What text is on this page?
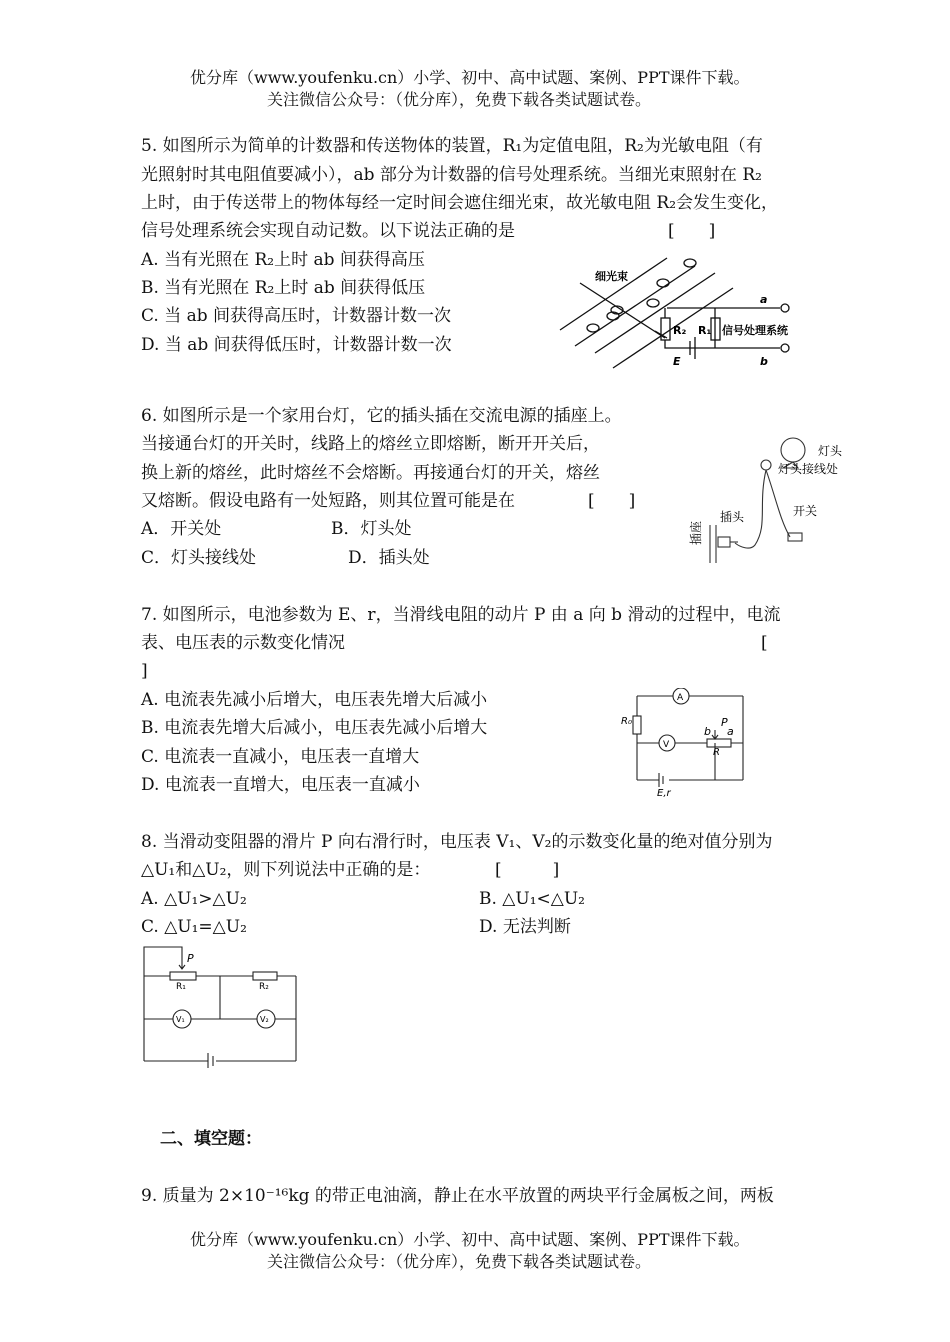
优分库（www.youfenku.cn）小学、初中、高中试题、案例、PPT课件下载。
关注微信公众号：（优分库），免费下载各类试题试卷。
5. 如图所示为简单的计数器和传送物体的装置，R₁为定值电阻，R₂为光敏电阻（有
光照射时其电阻值要减小），ab 部分为计数器的信号处理系统。当细光束照射在 R₂
上时，由于传送带上的物体每经一定时间会遮住细光束，故光敏电阻 R₂会发生变化，
信号处理系统会实现自动记数。以下说法正确的是	[　　]
A. 当有光照在 R₂上时 ab 间获得高压
B. 当有光照在 R₂上时 ab 间获得低压
C. 当 ab 间获得高压时，计数器计数一次
D. 当 ab 间获得低压时，计数器计数一次
细光束
R₂ R₁ 信号处理系统
a
b
E
6. 如图所示是一个家用台灯，它的插头插在交流电源的插座上。
当接通台灯的开关时，线路上的熔丝立即熔断，断开开关后，
换上新的熔丝，此时熔丝不会熔断。再接通台灯的开关，熔丝
又熔断。假设电路有一处短路，则其位置可能是在	[　　]
A．开关处	B．灯头处
C．灯头接线处	D．插头处
灯头
灯头接线处
插头	开关
插座
7. 如图所示，电池参数为 E、r，当滑线电阻的动片 P 由 a 向 b 滑动的过程中，电流
表、电压表的示数变化情况	[
]
A. 电流表先减小后增大，电压表先增大后减小
B. 电流表先增大后减小，电压表先减小后增大
C. 电流表一直减小，电压表一直增大
D. 电流表一直增大，电压表一直减小
R₀
A
V
b
P
a
R
E,r
8. 当滑动变阻器的滑片 P 向右滑行时，电压表 V₁、V₂的示数变化量的绝对值分别为
△U₁和△U₂，则下列说法中正确的是：	[　　　]
A. △U₁>△U₂	B. △U₁<△U₂
C. △U₁=△U₂	D. 无法判断
P
R₁	R₂
V₁	V₂
二、填空题：
9. 质量为 2×10⁻¹⁶kg 的带正电油滴，静止在水平放置的两块平行金属板之间，两板
优分库（www.youfenku.cn）小学、初中、高中试题、案例、PPT课件下载。
关注微信公众号：（优分库），免费下载各类试题试卷。
